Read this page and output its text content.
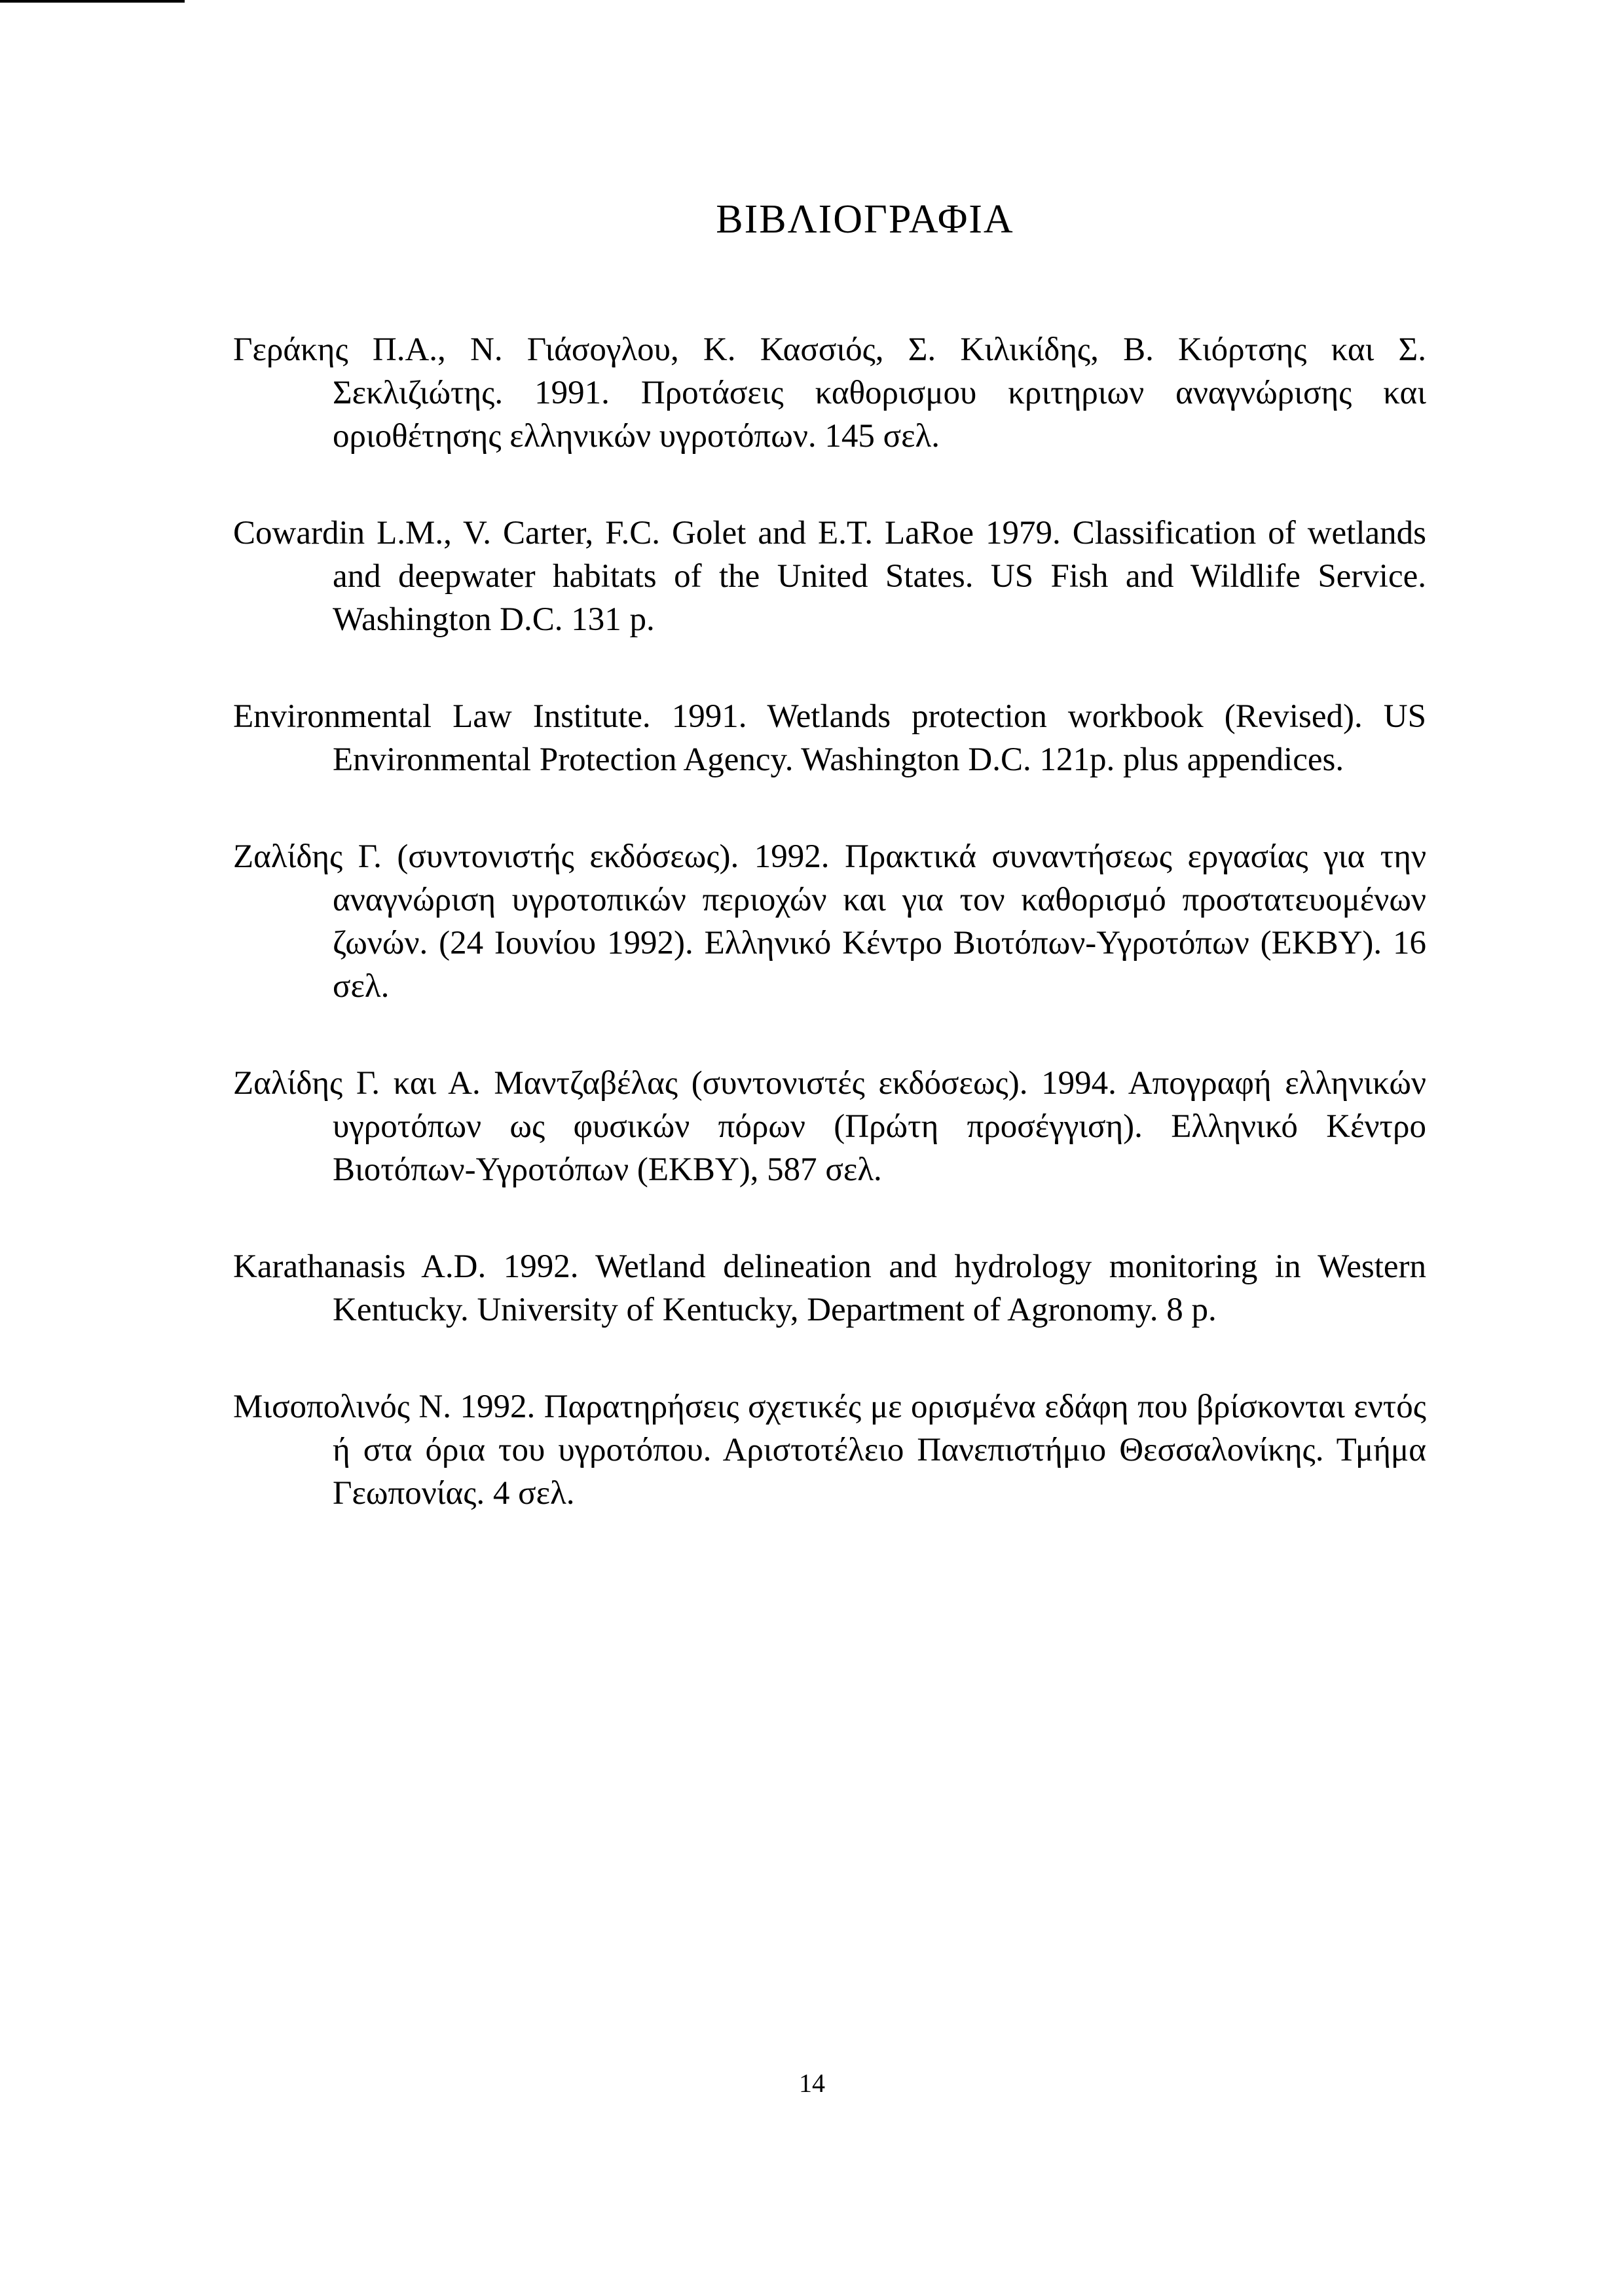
ΒΙΒΛΙΟΓΡΑΦΙΑ
Γεράκης Π.Α., Ν. Γιάσογλου, Κ. Κασσιός, Σ. Κιλικίδης, Β. Κιόρτσης και Σ. Σεκλιζιώτης. 1991. Προτάσεις καθορισμου κριτηριων αναγνώρισης και οριοθέτησης ελληνικών υγροτόπων. 145 σελ.
Cowardin L.M., V. Carter, F.C. Golet and E.T. LaRoe 1979. Classification of wetlands and deepwater habitats of the United States. US Fish and Wildlife Service. Washington D.C. 131 p.
Environmental Law Institute. 1991. Wetlands protection workbook (Revised). US Environmental Protection Agency. Washington D.C. 121p. plus appendices.
Ζαλίδης Γ. (συντονιστής εκδόσεως). 1992. Πρακτικά συναντήσεως εργασίας για την αναγνώριση υγροτοπικών περιοχών και για τον καθορισμό προστατευομένων ζωνών. (24 Ιουνίου 1992). Ελληνικό Κέντρο Βιοτόπων-Υγροτόπων (ΕΚΒΥ). 16 σελ.
Ζαλίδης Γ. και Α. Μαντζαβέλας (συντονιστές εκδόσεως). 1994. Απογραφή ελληνικών υγροτόπων ως φυσικών πόρων (Πρώτη προσέγγιση). Ελληνικό Κέντρο Βιοτόπων-Υγροτόπων (ΕΚΒΥ), 587 σελ.
Karathanasis A.D. 1992. Wetland delineation and hydrology monitoring in Western Kentucky. University of Kentucky, Department of Agronomy. 8 p.
Μισοπολινός Ν. 1992. Παρατηρήσεις σχετικές με ορισμένα εδάφη που βρίσκονται εντός ή στα όρια του υγροτόπου. Αριστοτέλειο Πανεπιστήμιο Θεσσαλονίκης. Τμήμα Γεωπονίας. 4 σελ.
14
